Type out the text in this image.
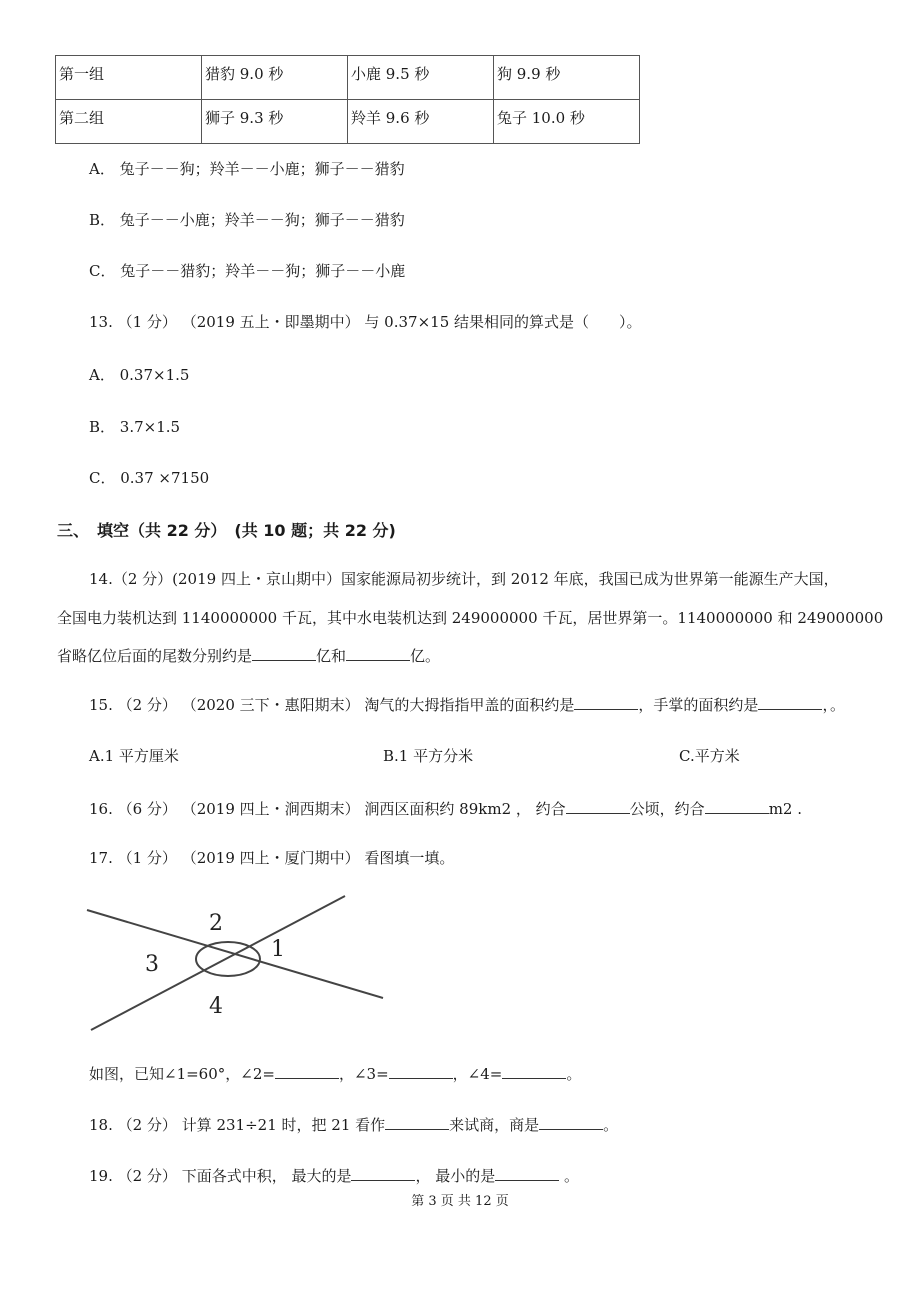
第一组	猎豹 9.0 秒	小鹿 9.5 秒	狗 9.9 秒
第二组	狮子 9.3 秒	羚羊 9.6 秒	兔子 10.0 秒
A． 兔子－－狗；羚羊－－小鹿；狮子－－猎豹
B． 兔子－－小鹿；羚羊－－狗；狮子－－猎豹
C． 兔子－－猎豹；羚羊－－狗；狮子－－小鹿
13. （1 分） （2019 五上・即墨期中） 与 0.37×15 结果相同的算式是（　　）。
A． 0.37×1.5
B． 3.7×1.5
C． 0.37 ×7150
三、　填空（共 22 分）　(共 10 题；共 22 分)
14.（2 分）(2019 四上・京山期中）国家能源局初步统计，到 2012 年底，我国已成为世界第一能源生产大国，
全国电力装机达到 1140000000 千瓦，其中水电装机达到 249000000 千瓦，居世界第一。1140000000 和 249000000
省略亿位后面的尾数分别约是	亿和	亿。
15. （2 分） （2020 三下・惠阳期末） 淘气的大拇指指甲盖的面积约是	，手掌的面积约是	，。
A.1 平方厘米	B.1 平方分米	C.平方米
16. （6 分） （2019 四上・涧西期末） 涧西区面积约 89km2 ， 约合	公顷，约合	m2 .
17. （1 分） （2019 四上・厦门期中） 看图填一填。
2
1
3
4
如图，已知∠1=60°，∠2=	，∠3=	，∠4=	。
18. （2 分） 计算 231÷21 时，把 21 看作	来试商，商是	。
19. （2 分） 下面各式中积， 最大的是	， 最小的是	。
第 3 页 共 12 页
